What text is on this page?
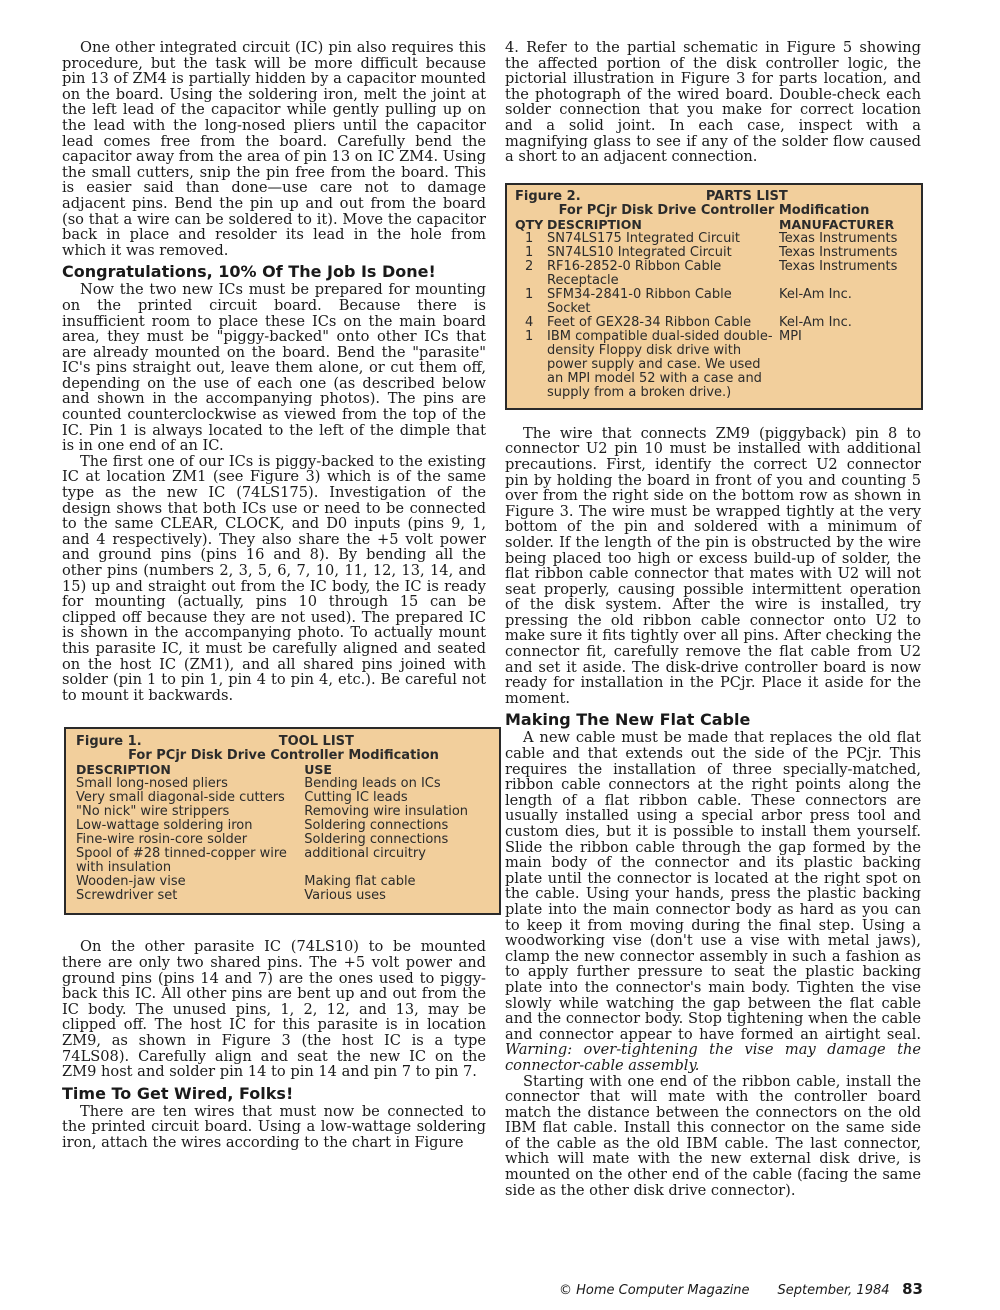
One other integrated circuit (IC) pin also requires this procedure, but the task will be more difficult because pin 13 of ZM4 is partially hidden by a capacitor mounted on the board. Using the soldering iron, melt the joint at the left lead of the capacitor while gently pulling up on the lead with the long-nosed pliers until the capacitor lead comes free from the board. Carefully bend the capacitor away from the area of pin 13 on IC ZM4. Using the small cutters, snip the pin free from the board. This is easier said than done—use care not to damage adjacent pins. Bend the pin up and out from the board (so that a wire can be soldered to it). Move the capacitor back in place and resolder its lead in the hole from which it was removed.

Congratulations, 10% Of The Job Is Done!

Now the two new ICs must be prepared for mounting on the printed circuit board. Because there is insufficient room to place these ICs on the main board area, they must be "piggy-backed" onto other ICs that are already mounted on the board. Bend the "parasite" IC's pins straight out, leave them alone, or cut them off, depending on the use of each one (as described below and shown in the accompanying photos). The pins are counted counterclockwise as viewed from the top of the IC. Pin 1 is always located to the left of the dimple that is in one end of an IC.

The first one of our ICs is piggy-backed to the existing IC at location ZM1 (see Figure 3) which is of the same type as the new IC (74LS175). Investigation of the design shows that both ICs use or need to be connected to the same CLEAR, CLOCK, and D0 inputs (pins 9, 1, and 4 respectively). They also share the +5 volt power and ground pins (pins 16 and 8). By bending all the other pins (numbers 2, 3, 5, 6, 7, 10, 11, 12, 13, 14, and 15) up and straight out from the IC body, the IC is ready for mounting (actually, pins 10 through 15 can be clipped off because they are not used). The prepared IC is shown in the accompanying photo. To actually mount this parasite IC, it must be carefully aligned and seated on the host IC (ZM1), and all shared pins joined with solder (pin 1 to pin 1, pin 4 to pin 4, etc.). Be careful not to mount it backwards.

Figure 1.	TOOL LIST
For PCjr Disk Drive Controller Modification
DESCRIPTION	USE
Small long-nosed pliers	Bending leads on ICs
Very small diagonal-side cutters	Cutting IC leads
"No nick" wire strippers	Removing wire insulation
Low-wattage soldering iron	Soldering connections
Fine-wire rosin-core solder	Soldering connections
Spool of #28 tinned-copper wire with insulation	additional circuitry
Wooden-jaw vise	Making flat cable
Screwdriver set	Various uses

On the other parasite IC (74LS10) to be mounted there are only two shared pins. The +5 volt power and ground pins (pins 14 and 7) are the ones used to piggy-back this IC. All other pins are bent up and out from the IC body. The unused pins, 1, 2, 12, and 13, may be clipped off. The host IC for this parasite is in location ZM9, as shown in Figure 3 (the host IC is a type 74LS08). Carefully align and seat the new IC on the ZM9 host and solder pin 14 to pin 14 and pin 7 to pin 7.

Time To Get Wired, Folks!

There are ten wires that must now be connected to the printed circuit board. Using a low-wattage soldering iron, attach the wires according to the chart in Figure

4. Refer to the partial schematic in Figure 5 showing the affected portion of the disk controller logic, the pictorial illustration in Figure 3 for parts location, and the photograph of the wired board. Double-check each solder connection that you make for correct location and a solid joint. In each case, inspect with a magnifying glass to see if any of the solder flow caused a short to an adjacent connection.

Figure 2.	PARTS LIST
For PCjr Disk Drive Controller Modification
QTY	DESCRIPTION	MANUFACTURER
1	SN74LS175 Integrated Circuit	Texas Instruments
1	SN74LS10 Integrated Circuit	Texas Instruments
2	RF16-2852-0 Ribbon Cable Receptacle	Texas Instruments
1	SFM34-2841-0 Ribbon Cable Socket	Kel-Am Inc.
4	Feet of GEX28-34 Ribbon Cable	Kel-Am Inc.
1	IBM compatible dual-sided double-density Floppy disk drive with power supply and case. We used an MPI model 52 with a case and supply from a broken drive.)	MPI

The wire that connects ZM9 (piggyback) pin 8 to connector U2 pin 10 must be installed with additional precautions. First, identify the correct U2 connector pin by holding the board in front of you and counting 5 over from the right side on the bottom row as shown in Figure 3. The wire must be wrapped tightly at the very bottom of the pin and soldered with a minimum of solder. If the length of the pin is obstructed by the wire being placed too high or excess build-up of solder, the flat ribbon cable connector that mates with U2 will not seat properly, causing possible intermittent operation of the disk system. After the wire is installed, try pressing the old ribbon cable connector onto U2 to make sure it fits tightly over all pins. After checking the connector fit, carefully remove the flat cable from U2 and set it aside. The disk-drive controller board is now ready for installation in the PCjr. Place it aside for the moment.

Making The New Flat Cable

A new cable must be made that replaces the old flat cable and that extends out the side of the PCjr. This requires the installation of three specially-matched, ribbon cable connectors at the right points along the length of a flat ribbon cable. These connectors are usually installed using a special arbor press tool and custom dies, but it is possible to install them yourself. Slide the ribbon cable through the gap formed by the main body of the connector and its plastic backing plate until the connector is located at the right spot on the cable. Using your hands, press the plastic backing plate into the main connector body as hard as you can to keep it from moving during the final step. Using a woodworking vise (don't use a vise with metal jaws), clamp the new connector assembly in such a fashion as to apply further pressure to seat the plastic backing plate into the connector's main body. Tighten the vise slowly while watching the gap between the flat cable and the connector body. Stop tightening when the cable and connector appear to have formed an airtight seal. Warning: over-tightening the vise may damage the connector-cable assembly.

Starting with one end of the ribbon cable, install the connector that will mate with the controller board match the distance between the connectors on the old IBM flat cable. Install this connector on the same side of the cable as the old IBM cable. The last connector, which will mate with the new external disk drive, is mounted on the other end of the cable (facing the same side as the other disk drive connector).

© Home Computer Magazine September, 1984 83
